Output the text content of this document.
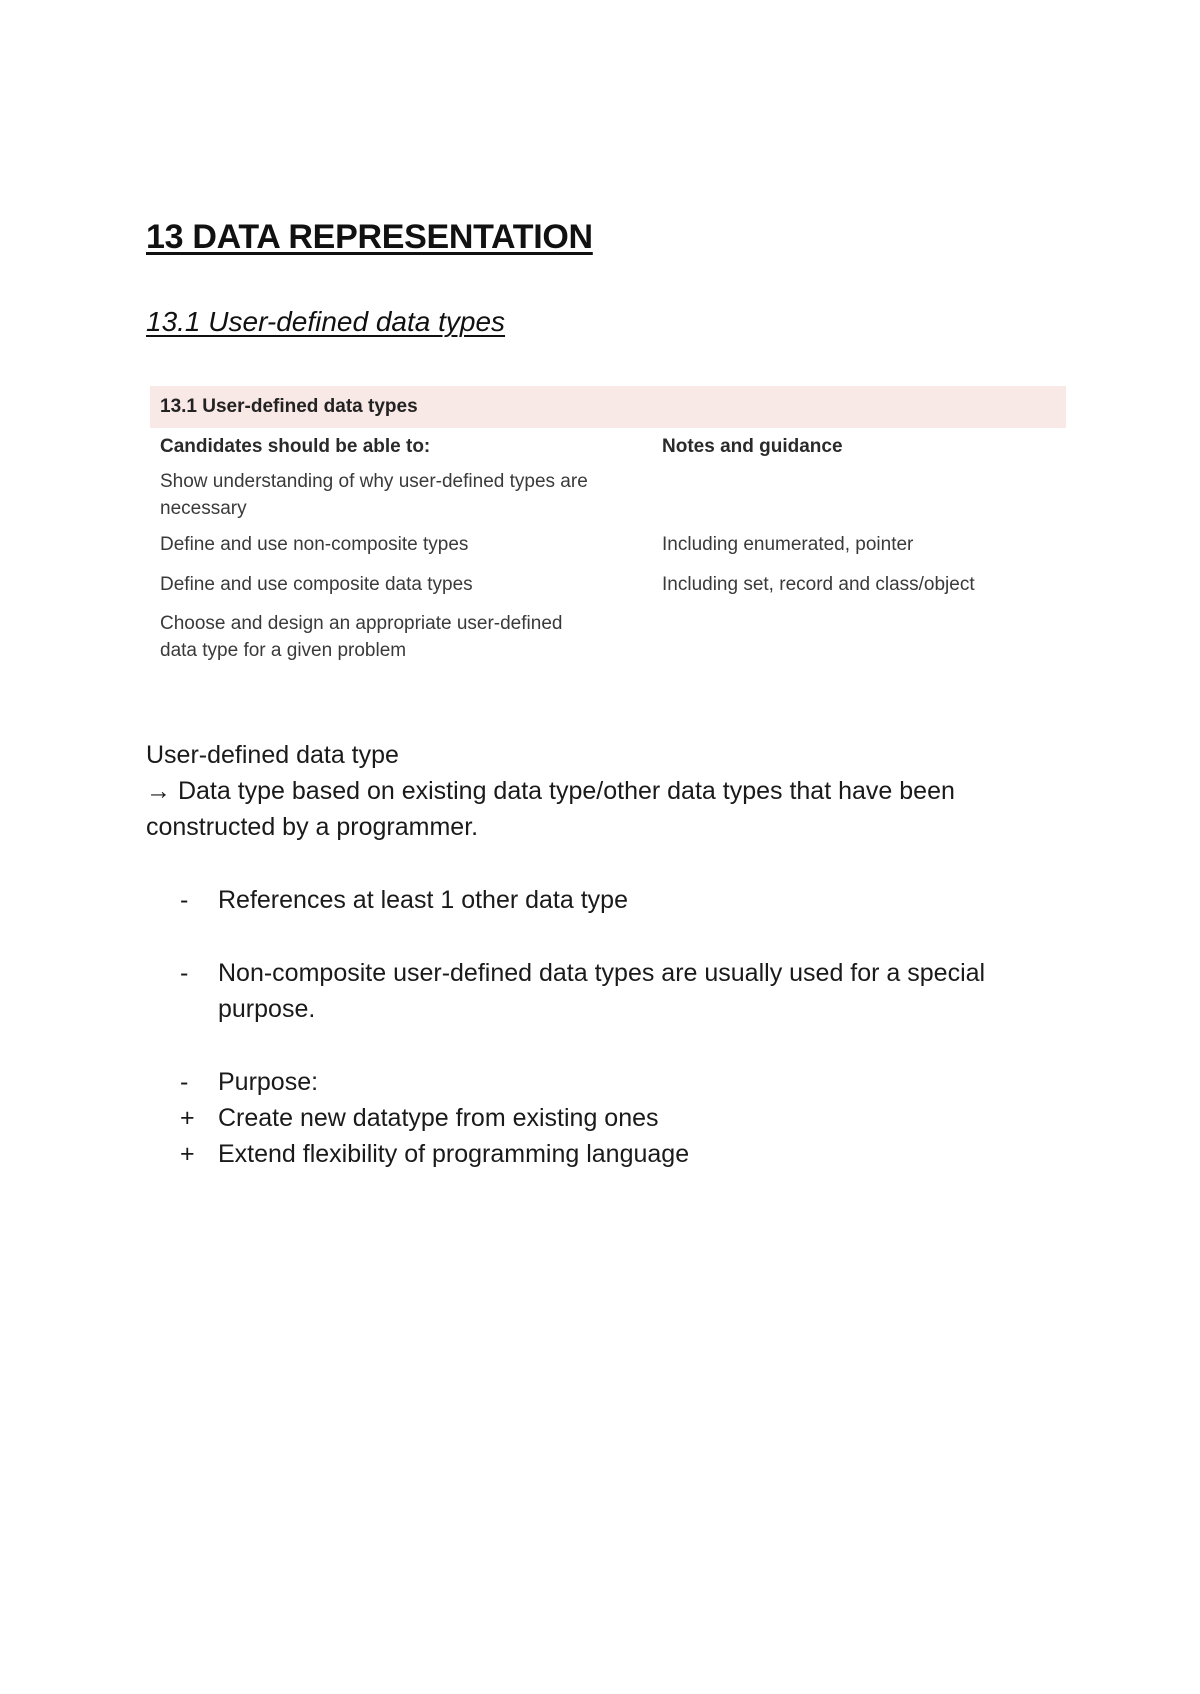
13 DATA REPRESENTATION
13.1 User-defined data types
13.1 User-defined data types
Candidates should be able to:	Notes and guidance
Show understanding of why user-defined types are necessary
Define and use non-composite types	Including enumerated, pointer
Define and use composite data types	Including set, record and class/object
Choose and design an appropriate user-defined data type for a given problem
User-defined data type
→ Data type based on existing data type/other data types that have been constructed by a programmer.
-	References at least 1 other data type
-	Non-composite user-defined data types are usually used for a special purpose.
-	Purpose:
+ Create new datatype from existing ones
+ Extend flexibility of programming language
